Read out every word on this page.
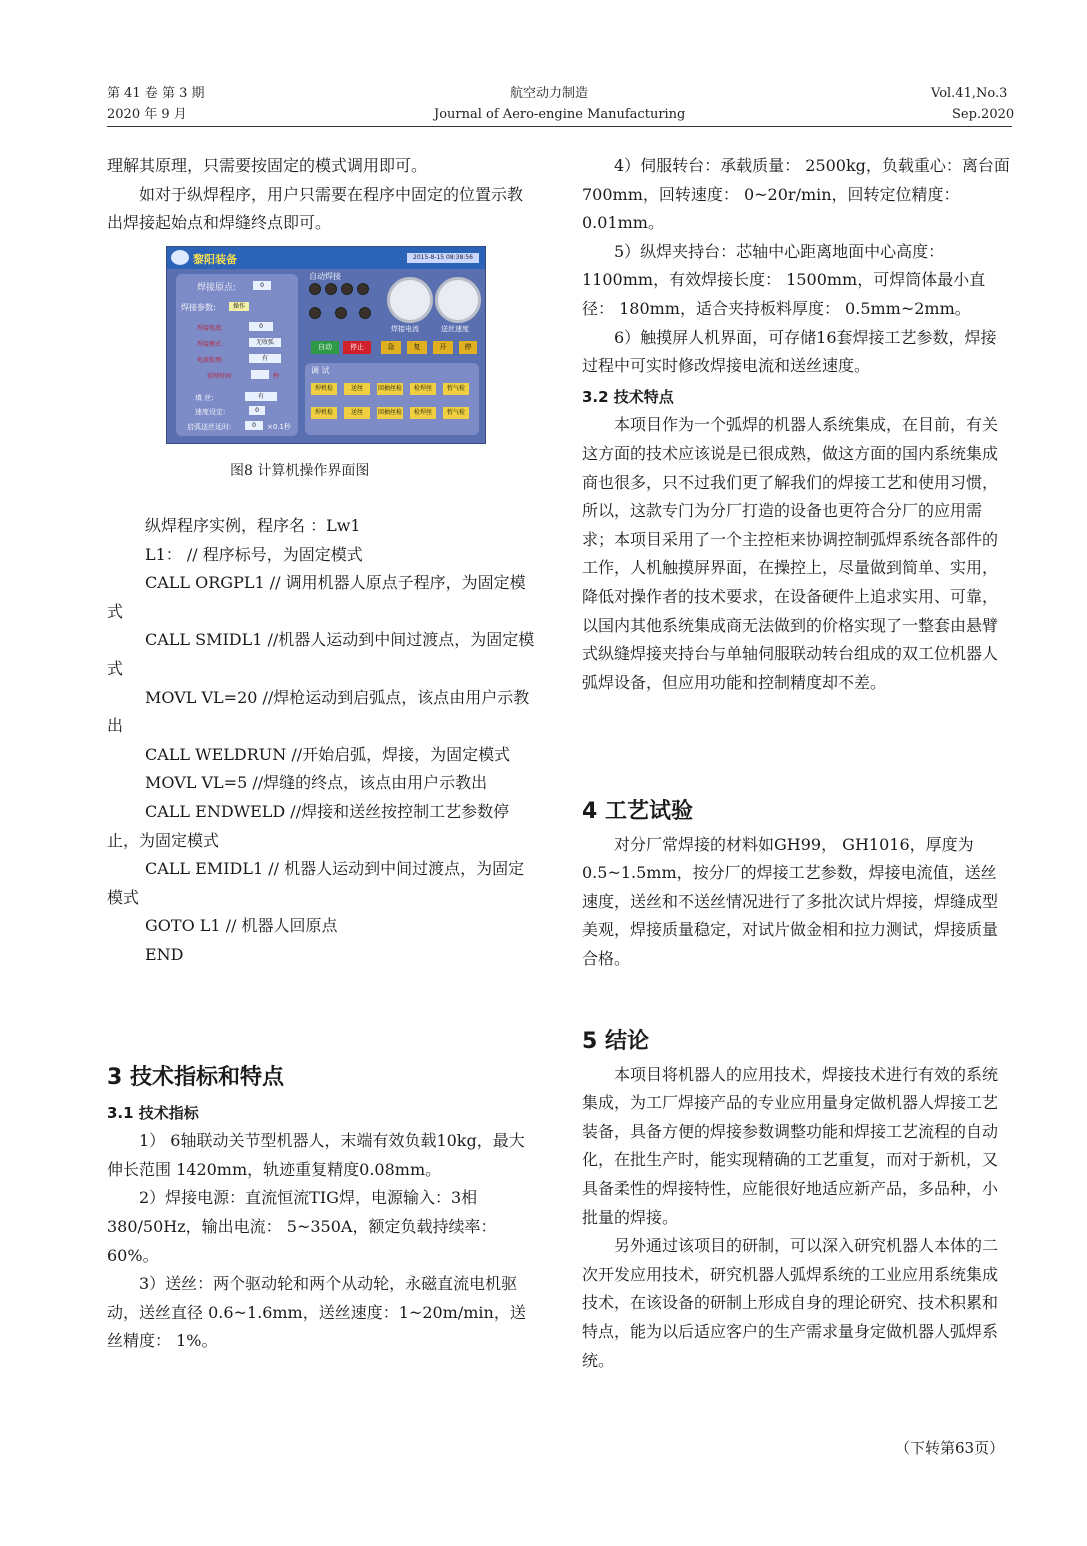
第 41 卷 第 3 期
2020 年 9 月
航空动力制造
Journal of Aero-engine Manufacturing
Vol.41,No.3
Sep.2020

理解其原理，只需要按固定的模式调用即可。

如对于纵焊程序，用户只需要在程序中固定的位置示教出焊接起始点和焊缝终点即可。

黎阳装备	2015-8-15 08:38:56
焊接原点:	0
焊接参数:	操作
焊接电流:	0
焊接模式:	无收弧
电流检测:	有
延时时间:	秒
填 丝:	有
速度设定:	0
启弧送丝延时:	0	×0.1秒
自动焊接
焊接电流	送丝速度
自动	停止	急	复	开	停
调 试
焊机检	送丝	回抽丝检	检焊丝	暂气检
焊机检	送丝	回抽丝检	检焊丝	暂气检
图8 计算机操作界面图

纵焊程序实例，程序名 ：Lw1

L1： // 程序标号，为固定模式

CALL ORGPL1 // 调用机器人原点子程序，为固定模式

CALL SMIDL1 //机器人运动到中间过渡点，为固定模式

MOVL VL=20 //焊枪运动到启弧点，该点由用户示教出

CALL WELDRUN //开始启弧，焊接，为固定模式

MOVL VL=5 //焊缝的终点，该点由用户示教出

CALL ENDWELD //焊接和送丝按控制工艺参数停止，为固定模式

CALL EMIDL1 // 机器人运动到中间过渡点，为固定模式

GOTO L1 // 机器人回原点

END

3 技术指标和特点

3.1 技术指标

1） 6轴联动关节型机器人，末端有效负载10kg，最大伸长范围 1420mm，轨迹重复精度0.08mm。

2）焊接电源：直流恒流TIG焊，电源输入：3相380/50Hz，输出电流： 5~350A，额定负载持续率： 60%。

3）送丝：两个驱动轮和两个从动轮，永磁直流电机驱动，送丝直径 0.6~1.6mm，送丝速度：1~20m/min，送丝精度： 1%。

4）伺服转台：承载质量： 2500kg，负载重心：离台面700mm，回转速度： 0~20r/min，回转定位精度： 0.01mm。

5）纵焊夹持台：芯轴中心距离地面中心高度：1100mm，有效焊接长度： 1500mm，可焊筒体最小直径： 180mm，适合夹持板料厚度： 0.5mm~2mm。

6）触摸屏人机界面，可存储16套焊接工艺参数，焊接过程中可实时修改焊接电流和送丝速度。

3.2 技术特点

本项目作为一个弧焊的机器人系统集成，在目前，有关这方面的技术应该说是已很成熟，做这方面的国内系统集成商也很多，只不过我们更了解我们的焊接工艺和使用习惯，所以，这款专门为分厂打造的设备也更符合分厂的应用需求；本项目采用了一个主控柜来协调控制弧焊系统各部件的工作，人机触摸屏界面，在操控上，尽量做到简单、实用，降低对操作者的技术要求，在设备硬件上追求实用、可靠，以国内其他系统集成商无法做到的价格实现了一整套由悬臂式纵缝焊接夹持台与单轴伺服联动转台组成的双工位机器人弧焊设备，但应用功能和控制精度却不差。

4 工艺试验

对分厂常焊接的材料如GH99， GH1016，厚度为0.5~1.5mm，按分厂的焊接工艺参数，焊接电流值，送丝速度，送丝和不送丝情况进行了多批次试片焊接，焊缝成型美观，焊接质量稳定，对试片做金相和拉力测试，焊接质量合格。

5 结论

本项目将机器人的应用技术，焊接技术进行有效的系统集成，为工厂焊接产品的专业应用量身定做机器人焊接工艺装备，具备方便的焊接参数调整功能和焊接工艺流程的自动化，在批生产时，能实现精确的工艺重复，而对于新机，又具备柔性的焊接特性，应能很好地适应新产品，多品种，小批量的焊接。

另外通过该项目的研制，可以深入研究机器人本体的二次开发应用技术，研究机器人弧焊系统的工业应用系统集成技术，在该设备的研制上形成自身的理论研究、技术积累和特点，能为以后适应客户的生产需求量身定做机器人弧焊系统。

（下转第63页）
